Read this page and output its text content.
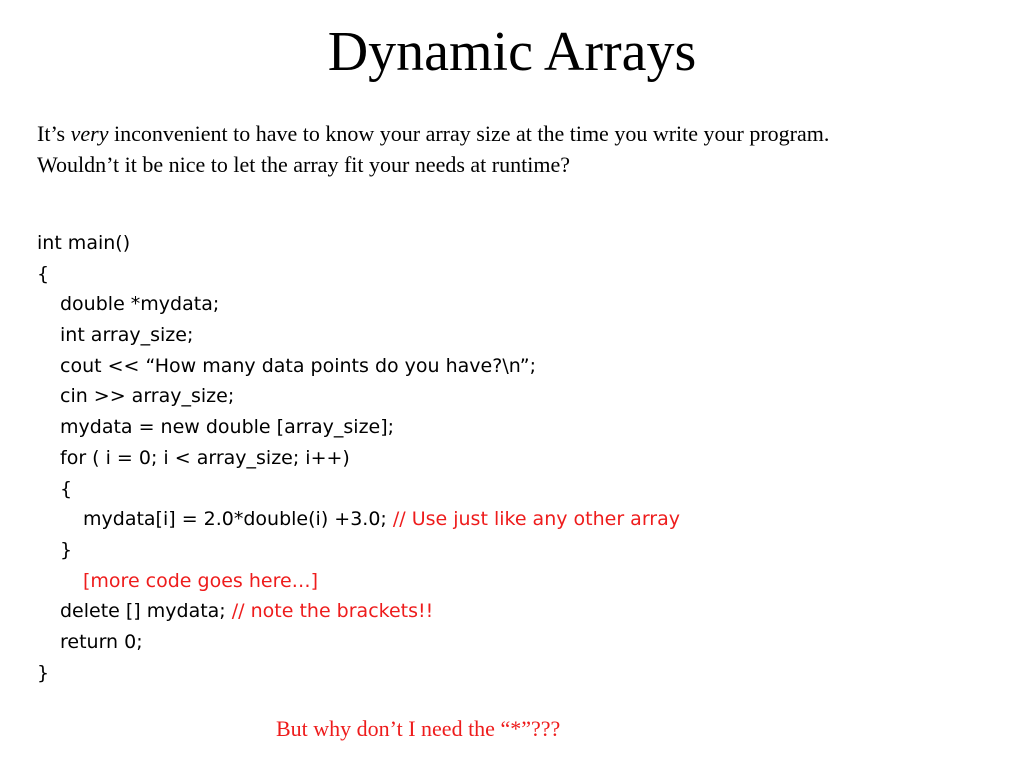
Dynamic Arrays
It’s very inconvenient to have to know your array size at the time you write your program.
Wouldn’t it be nice to let the array fit your needs at runtime?
int main()
{
double *mydata;
int array_size;
cout << “How many data points do you have?\n”;
cin >> array_size;
mydata = new double [array_size];
for ( i = 0; i < array_size; i++)
{
mydata[i] = 2.0*double(i) +3.0; // Use just like any other array
}
[more code goes here…]
delete [] mydata; // note the brackets!!
return 0;
}
But why don’t I need the “*”???
